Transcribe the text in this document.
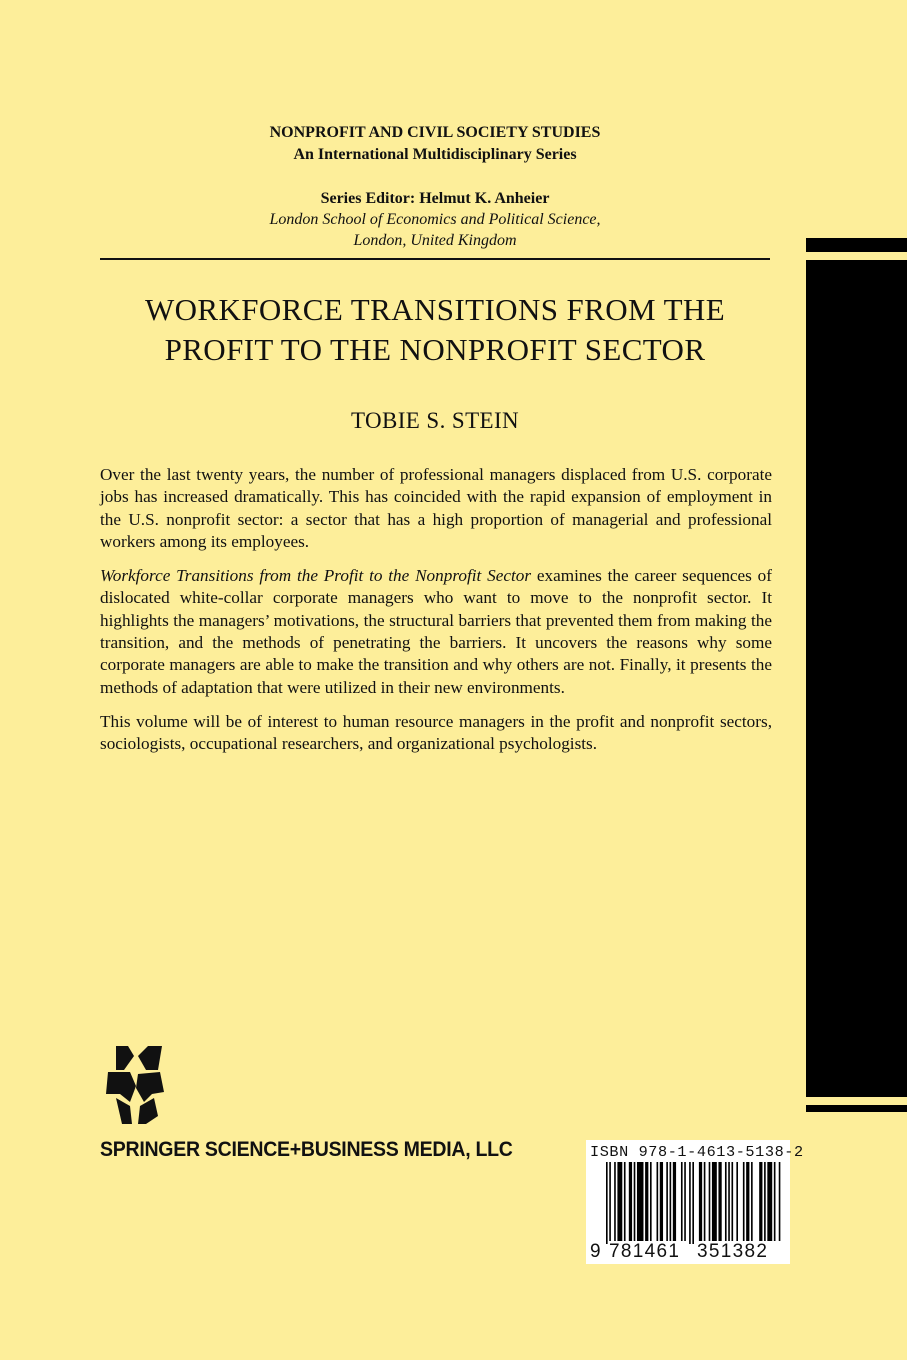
NONPROFIT AND CIVIL SOCIETY STUDIES
An International Multidisciplinary Series
Series Editor: Helmut K. Anheier
London School of Economics and Political Science,
London, United Kingdom
WORKFORCE TRANSITIONS FROM THE
PROFIT TO THE NONPROFIT SECTOR
TOBIE S. STEIN

Over the last twenty years, the number of professional managers displaced from U.S. corporate jobs has increased dramatically. This has coincided with the rapid expansion of employment in the U.S. nonprofit sector: a sector that has a high proportion of managerial and professional workers among its employees.

Workforce Transitions from the Profit to the Nonprofit Sector examines the career sequences of dislocated white-collar corporate managers who want to move to the nonprofit sector. It highlights the managers’ motivations, the structural barriers that prevented them from making the transition, and the methods of penetrating the barriers. It uncovers the reasons why some corporate managers are able to make the transition and why others are not. Finally, it presents the methods of adaptation that were utilized in their new environments.

This volume will be of interest to human resource managers in the profit and nonprofit sectors, sociologists, occupational researchers, and organizational psychologists.

SPRINGER SCIENCE+BUSINESS MEDIA, LLC	ISBN 978-1-4613-5138-2
9 781461 351382
